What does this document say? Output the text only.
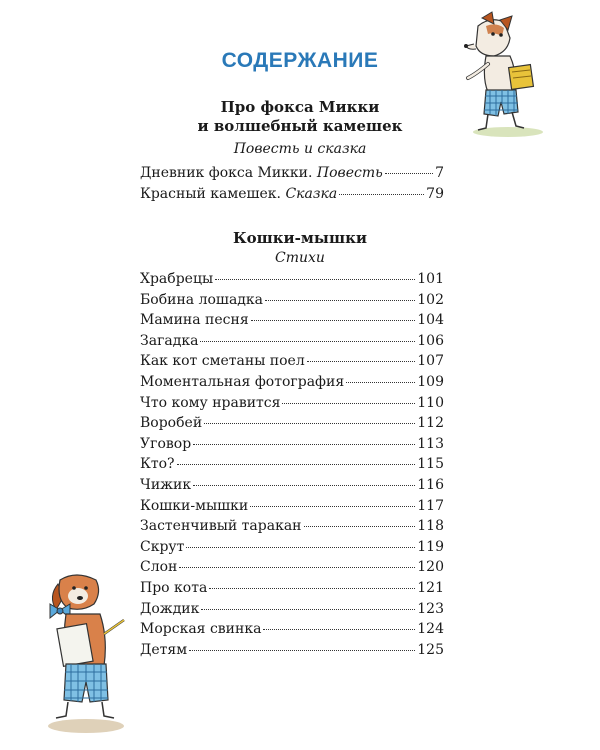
СОДЕРЖАНИЕ
Про фокса Микки
и волшебный камешек
Повесть и сказка
Дневник фокса Микки. Повесть	7
Красный камешек. Сказка	79
Кошки-мышки
Стихи
Храбрецы	101
Бобина лошадка	102
Мамина песня	104
Загадка	106
Как кот сметаны поел	107
Моментальная фотография	109
Что кому нравится	110
Воробей	112
Уговор	113
Кто?	115
Чижик	116
Кошки-мышки	117
Застенчивый таракан	118
Скрут	119
Слон	120
Про кота	121
Дождик	123
Морская свинка	124
Детям	125
